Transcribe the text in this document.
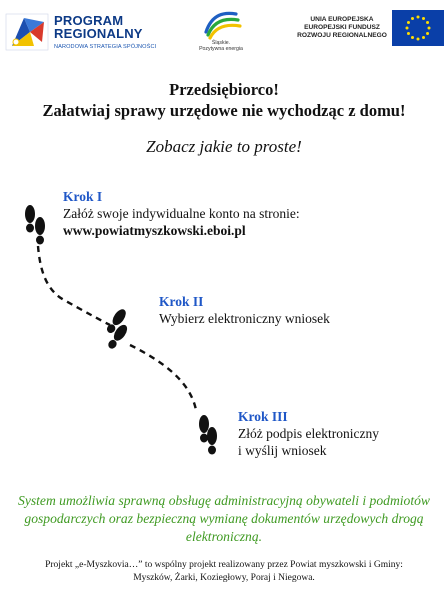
PROGRAM
REGIONALNY
NARODOWA STRATEGIA SPÓJNOŚCI
Śląskie.
Pozytywna energia
UNIA EUROPEJSKA
EUROPEJSKI FUNDUSZ
ROZWOJU REGIONALNEGO
Przedsiębiorco!
Załatwiaj sprawy urzędowe nie wychodząc z domu!
Zobacz jakie to proste!
Krok I
Załóż swoje indywidualne konto na stronie:
www.powiatmyszkowski.eboi.pl
Krok II
Wybierz elektroniczny wniosek
Krok III
Złóż podpis elektroniczny
i wyślij wniosek
System umożliwia sprawną obsługę administracyjną obywateli i podmiotów gospodarczych oraz bezpieczną wymianę dokumentów urzędowych drogą elektroniczną.
Projekt „e-Myszkovia…” to wspólny projekt realizowany przez Powiat myszkowski i Gminy:
Myszków, Żarki, Koziegłowy, Poraj i Niegowa.
